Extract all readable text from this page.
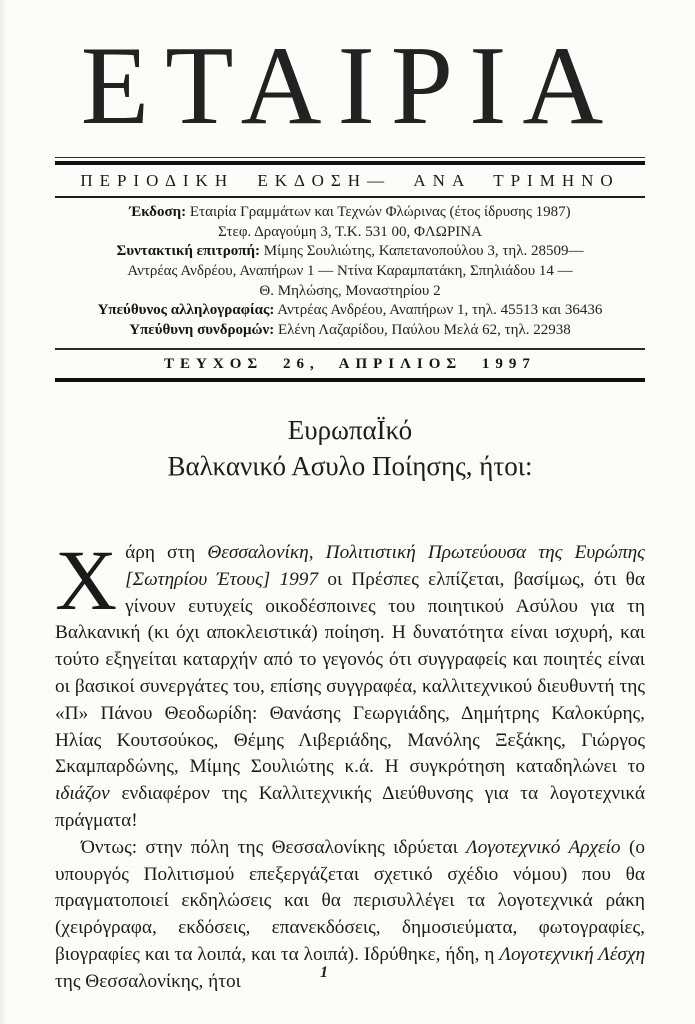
ΕΤΑΙΡΙΑ
ΠΕΡΙΟΔΙΚΗ ΕΚΔΟΣΗ— ΑΝΑ ΤΡΙΜΗΝΟ
Έκδοση: Εταιρία Γραμμάτων και Τεχνών Φλώρινας (έτος ίδρυσης 1987)
Στεφ. Δραγούμη 3, Τ.Κ. 531 00, ΦΛΩΡΙΝΑ
Συντακτική επιτροπή: Μίμης Σουλιώτης, Καπετανοπούλου 3, τηλ. 28509—
Αντρέας Ανδρέου, Αναπήρων 1 — Ντίνα Καραμπατάκη, Σπηλιάδου 14 —
Θ. Μηλώσης, Μοναστηρίου 2
Υπεύθυνος αλληλογραφίας: Αντρέας Ανδρέου, Αναπήρων 1, τηλ. 45513 και 36436
Υπεύθυνη συνδρομών: Ελένη Λαζαρίδου, Παύλου Μελά 62, τηλ. 22938
ΤΕΥΧΟΣ 26, ΑΠΡΙΛΙΟΣ 1997
ΕυρωπαΪκό
Βαλκανικό Ασυλο Ποίησης, ήτοι:

Χάρη στη Θεσσαλονίκη, Πολιτιστική Πρωτεύουσα της Ευρώπης [Σωτηρίου Έτους] 1997 οι Πρέσπες ελπίζεται, βασίμως, ότι θα γίνουν ευτυχείς οικοδέσποινες του ποιητικού Ασύλου για τη Βαλκανική (κι όχι αποκλειστικά) ποίηση. Η δυνατότητα είναι ισχυρή, και τούτο εξηγείται καταρχήν από το γεγονός ότι συγγραφείς και ποιητές είναι οι βασικοί συνεργάτες του, επίσης συγγραφέα, καλλιτεχνικού διευθυντή της «Π» Πάνου Θεοδωρίδη: Θανάσης Γεωργιάδης, Δημήτρης Καλοκύρης, Ηλίας Κουτσούκος, Θέμης Λιβεριάδης, Μανόλης Ξεξάκης, Γιώργος Σκαμπαρδώνης, Μίμης Σουλιώτης κ.ά. Η συγκρότηση καταδηλώνει το ιδιάζον ενδιαφέρον της Καλλιτεχνικής Διεύθυνσης για τα λογοτεχνικά πράγματα!

Όντως: στην πόλη της Θεσσαλονίκης ιδρύεται Λογοτεχνικό Αρχείο (ο υπουργός Πολιτισμού επεξεργάζεται σχετικό σχέδιο νόμου) που θα πραγματοποιεί εκδηλώσεις και θα περισυλλέγει τα λογοτεχνικά ράκη (χειρόγραφα, εκδόσεις, επανεκδόσεις, δημοσιεύματα, φωτογραφίες, βιογραφίες και τα λοιπά, και τα λοιπά). Ιδρύθηκε, ήδη, η Λογοτεχνική Λέσχη της Θεσσαλονίκης, ήτοι	1
